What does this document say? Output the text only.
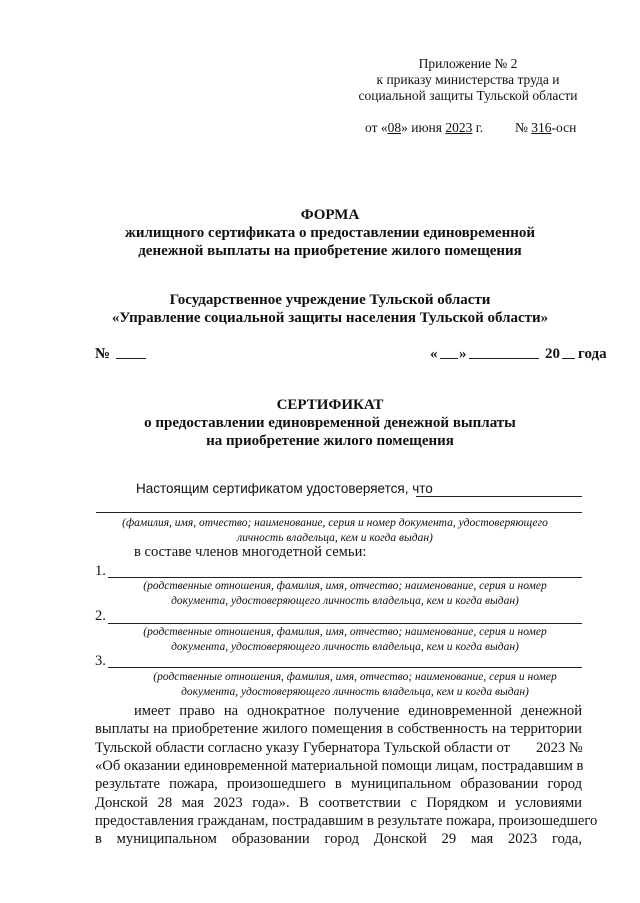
Приложение № 2
к приказу министерства труда и
социальной защиты Тульской области
от «08» июня 2023 г. № 316-осн
ФОРМА
жилищного сертификата о предоставлении единовременной
денежной выплаты на приобретение жилого помещения
Государственное учреждение Тульской области
«Управление социальной защиты населения Тульской области»
№	« »	20 года
СЕРТИФИКАТ
о предоставлении единовременной денежной выплаты
на приобретение жилого помещения
Настоящим сертификатом удостоверяется, что
(фамилия, имя, отчество; наименование, серия и номер документа, удостоверяющего
личность владельца, кем и когда выдан)
в составе членов многодетной семьи:
1.
(родственные отношения, фамилия, имя, отчество; наименование, серия и номер
документа, удостоверяющего личность владельца, кем и когда выдан)
2.
(родственные отношения, фамилия, имя, отчество; наименование, серия и номер
документа, удостоверяющего личность владельца, кем и когда выдан)
3.
(родственные отношения, фамилия, имя, отчество; наименование, серия и номер
документа, удостоверяющего личность владельца, кем и когда выдан)
имеет право на однократное получение единовременной денежной
выплаты на приобретение жилого помещения в собственность на территории
Тульской области согласно указу Губернатора Тульской области от 2023 №
«Об оказании единовременной материальной помощи лицам, пострадавшим в
результате пожара, произошедшего в муниципальном образовании город
Донской 28 мая 2023 года». В соответствии с Порядком и условиями
предоставления гражданам, пострадавшим в результате пожара, произошедшего
в муниципальном образовании город Донской 29 мая 2023 года,
